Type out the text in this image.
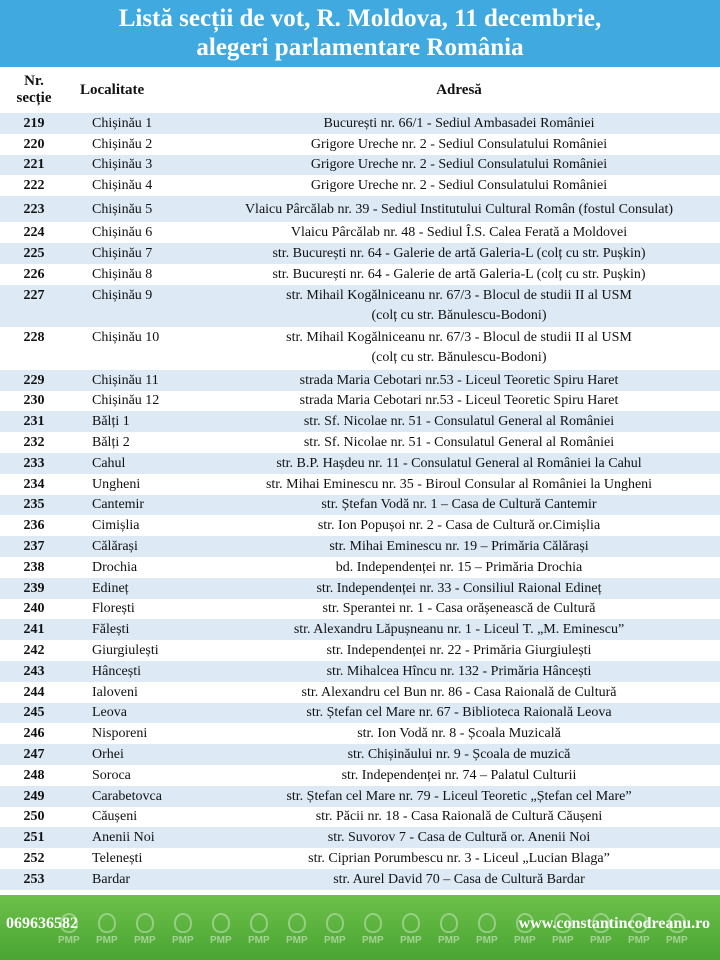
Listă secții de vot, R. Moldova, 11 decembrie,
alegeri parlamentare România
Nr.
secție	Localitate	Adresă
219	Chișinău 1	București nr. 66/1 - Sediul Ambasadei României
220	Chișinău 2	Grigore Ureche nr. 2 - Sediul Consulatului României
221	Chișinău 3	Grigore Ureche nr. 2 - Sediul Consulatului României
222	Chișinău 4	Grigore Ureche nr. 2 - Sediul Consulatului României
223	Chișinău 5	Vlaicu Pârcălab nr. 39 - Sediul Institutului Cultural Român (fostul Consulat)
224	Chișinău 6	Vlaicu Pârcălab nr. 48 - Sediul Î.S. Calea Ferată a Moldovei
225	Chișinău 7	str. București nr. 64 - Galerie de artă Galeria-L (colț cu str. Pușkin)
226	Chișinău 8	str. București nr. 64 - Galerie de artă Galeria-L (colț cu str. Pușkin)
227	Chișinău 9	str. Mihail Kogălniceanu nr. 67/3 - Blocul de studii II al USM
(colț cu str. Bănulescu-Bodoni)

228	Chișinău 10	str. Mihail Kogălniceanu nr. 67/3 - Blocul de studii II al USM
(colț cu str. Bănulescu-Bodoni)

229	Chișinău 11	strada Maria Cebotari nr.53 - Liceul Teoretic Spiru Haret
230	Chișinău 12	strada Maria Cebotari nr.53 - Liceul Teoretic Spiru Haret
231	Bălți 1	str. Sf. Nicolae nr. 51 - Consulatul General al României
232	Bălți 2	str. Sf. Nicolae nr. 51 - Consulatul General al României
233	Cahul	str. B.P. Hașdeu nr. 11 - Consulatul General al României la Cahul
234	Ungheni	str. Mihai Eminescu nr. 35 - Biroul Consular al României la Ungheni
235	Cantemir	str. Ștefan Vodă nr. 1 – Casa de Cultură Cantemir
236	Cimișlia	str. Ion Popușoi nr. 2 - Casa de Cultură or.Cimișlia
237	Călărași	str. Mihai Eminescu nr. 19 – Primăria Călărași
238	Drochia	bd. Independenței nr. 15 – Primăria Drochia
239	Edineț	str. Independenței nr. 33 - Consiliul Raional Edineț
240	Florești	str. Sperantei nr. 1 - Casa orășenească de Cultură
241	Fălești	str. Alexandru Lăpușneanu nr. 1 - Liceul T. „M. Eminescu”
242	Giurgiulești	str. Independenței nr. 22 - Primăria Giurgiulești
243	Hâncești	str. Mihalcea Hîncu nr. 132 - Primăria Hâncești
244	Ialoveni	str. Alexandru cel Bun nr. 86 - Casa Raională de Cultură
245	Leova	str. Ștefan cel Mare nr. 67 - Biblioteca Raională Leova
246	Nisporeni	str. Ion Vodă nr. 8 - Școala Muzicală
247	Orhei	str. Chișinăului nr. 9 - Școala de muzică
248	Soroca	str. Independenței nr. 74 – Palatul Culturii
249	Carabetovca	str. Ștefan cel Mare nr. 79 - Liceul Teoretic „Ștefan cel Mare”
250	Căușeni	str. Păcii nr. 18 - Casa Raională de Cultură Căușeni
251	Anenii Noi	str. Suvorov 7 - Casa de Cultură or. Anenii Noi
252	Telenești	str. Ciprian Porumbescu nr. 3 - Liceul „Lucian Blaga”
253	Bardar	str. Aurel David 70 – Casa de Cultură Bardar
PMP PMP PMP PMP PMP PMP PMP PMP PMP PMP PMP PMP PMP PMP PMP PMP PMP
069636582	www.constantincodreanu.ro
